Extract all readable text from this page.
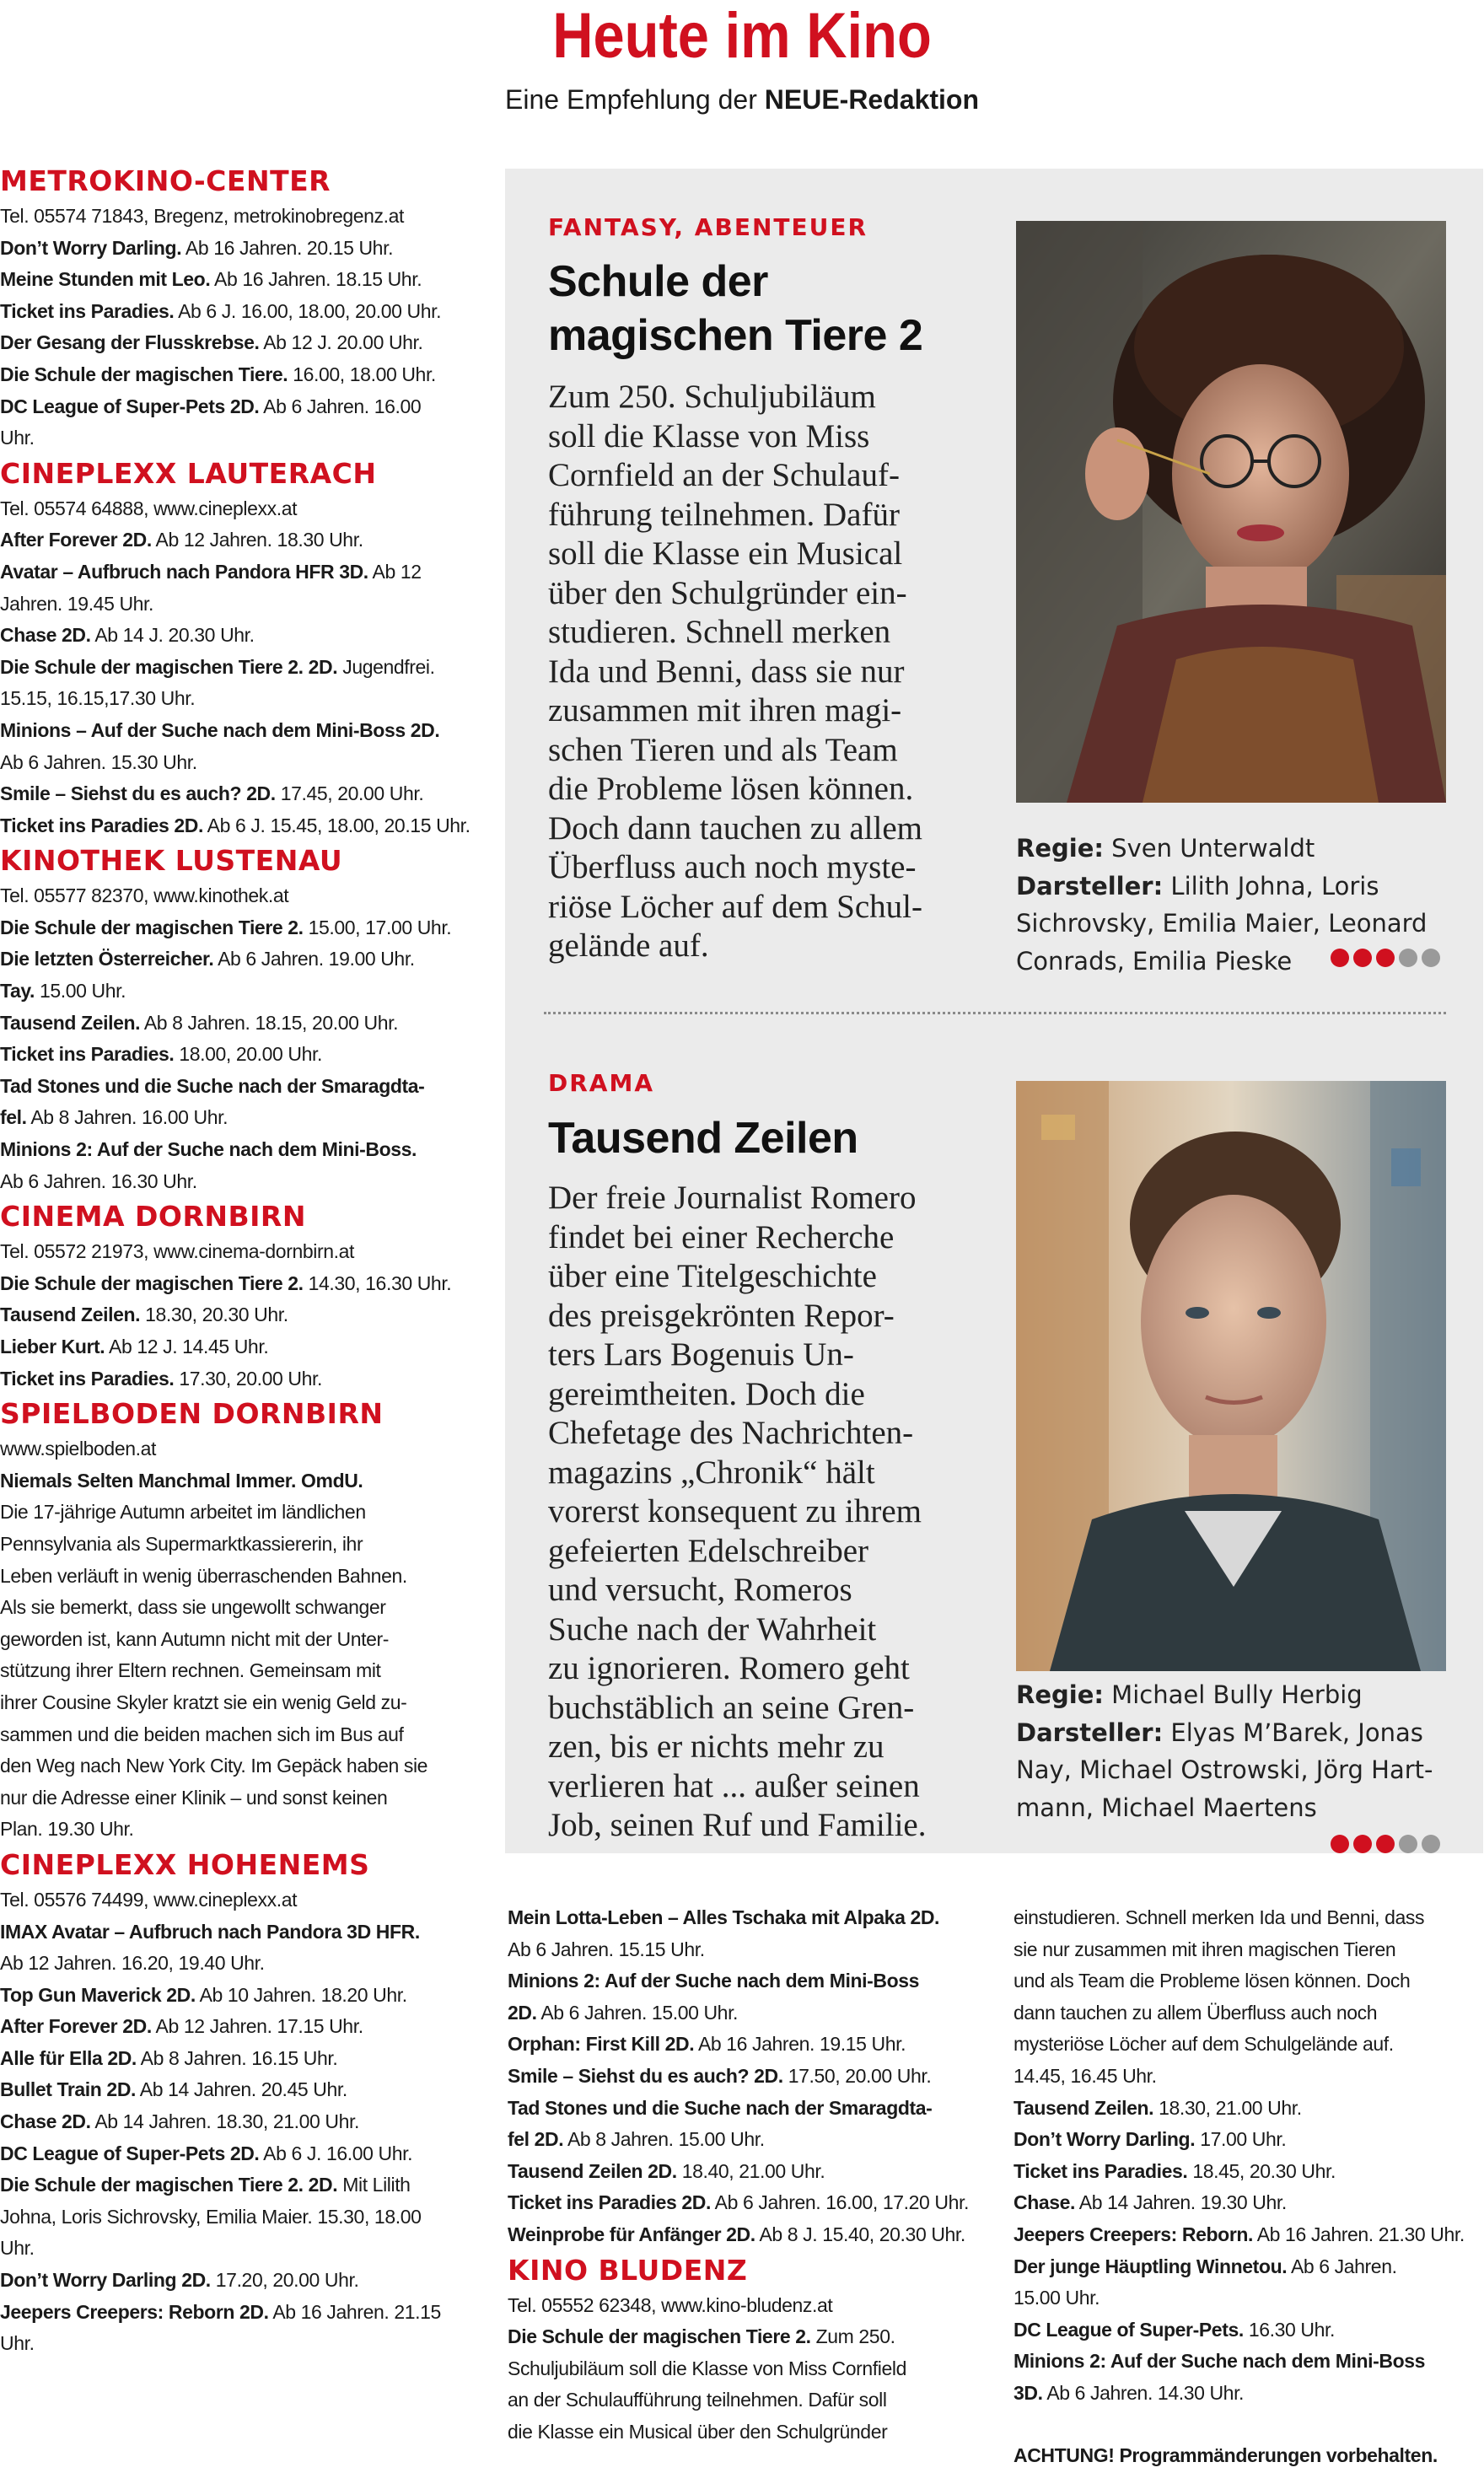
Heute im Kino
Eine Empfehlung der NEUE-Redaktion
METROKINO-CENTER
Tel. 05574 71843, Bregenz, metrokinobregenz.at
Don’t Worry Darling. Ab 16 Jahren. 20.15 Uhr.
Meine Stunden mit Leo. Ab 16 Jahren. 18.15 Uhr.
Ticket ins Paradies. Ab 6 J. 16.00, 18.00, 20.00 Uhr.
Der Gesang der Flusskrebse. Ab 12 J. 20.00 Uhr.
Die Schule der magischen Tiere. 16.00, 18.00 Uhr.
DC League of Super-Pets 2D. Ab 6 Jahren. 16.00
Uhr.
CINEPLEXX LAUTERACH
Tel. 05574 64888, www.cineplexx.at
After Forever 2D. Ab 12 Jahren. 18.30 Uhr.
Avatar – Aufbruch nach Pandora HFR 3D. Ab 12
Jahren. 19.45 Uhr.
Chase 2D. Ab 14 J. 20.30 Uhr.
Die Schule der magischen Tiere 2. 2D. Jugendfrei.
15.15, 16.15,17.30 Uhr.
Minions – Auf der Suche nach dem Mini-Boss 2D.
Ab 6 Jahren. 15.30 Uhr.
Smile – Siehst du es auch? 2D. 17.45, 20.00 Uhr.
Ticket ins Paradies 2D. Ab 6 J. 15.45, 18.00, 20.15 Uhr.
KINOTHEK LUSTENAU
Tel. 05577 82370, www.kinothek.at
Die Schule der magischen Tiere 2. 15.00, 17.00 Uhr.
Die letzten Österreicher. Ab 6 Jahren. 19.00 Uhr.
Tay. 15.00 Uhr.
Tausend Zeilen. Ab 8 Jahren. 18.15, 20.00 Uhr.
Ticket ins Paradies. 18.00, 20.00 Uhr.
Tad Stones und die Suche nach der Smaragdta-
fel. Ab 8 Jahren. 16.00 Uhr.
Minions 2: Auf der Suche nach dem Mini-Boss.
Ab 6 Jahren. 16.30 Uhr.
CINEMA DORNBIRN
Tel. 05572 21973, www.cinema-dornbirn.at
Die Schule der magischen Tiere 2. 14.30, 16.30 Uhr.
Tausend Zeilen. 18.30, 20.30 Uhr.
Lieber Kurt. Ab 12 J. 14.45 Uhr.
Ticket ins Paradies. 17.30, 20.00 Uhr.
SPIELBODEN DORNBIRN
www.spielboden.at
Niemals Selten Manchmal Immer. OmdU.
Die 17-jährige Autumn arbeitet im ländlichen
Pennsylvania als Supermarktkassiererin, ihr
Leben verläuft in wenig überraschenden Bahnen.
Als sie bemerkt, dass sie ungewollt schwanger
geworden ist, kann Autumn nicht mit der Unter-
stützung ihrer Eltern rechnen. Gemeinsam mit
ihrer Cousine Skyler kratzt sie ein wenig Geld zu-
sammen und die beiden machen sich im Bus auf
den Weg nach New York City. Im Gepäck haben sie
nur die Adresse einer Klinik – und sonst keinen
Plan. 19.30 Uhr.
CINEPLEXX HOHENEMS
Tel. 05576 74499, www.cineplexx.at
IMAX Avatar – Aufbruch nach Pandora 3D HFR.
Ab 12 Jahren. 16.20, 19.40 Uhr.
Top Gun Maverick 2D. Ab 10 Jahren. 18.20 Uhr.
After Forever 2D. Ab 12 Jahren. 17.15 Uhr.
Alle für Ella 2D. Ab 8 Jahren. 16.15 Uhr.
Bullet Train 2D. Ab 14 Jahren. 20.45 Uhr.
Chase 2D. Ab 14 Jahren. 18.30, 21.00 Uhr.
DC League of Super-Pets 2D. Ab 6 J. 16.00 Uhr.
Die Schule der magischen Tiere 2. 2D. Mit Lilith
Johna, Loris Sichrovsky, Emilia Maier. 15.30, 18.00
Uhr.
Don’t Worry Darling 2D. 17.20, 20.00 Uhr.
Jeepers Creepers: Reborn 2D. Ab 16 Jahren. 21.15
Uhr.
FANTASY, ABENTEUER
Schule der
magischen Tiere 2
Zum 250. Schuljubiläum
soll die Klasse von Miss
Cornfield an der Schulauf-
führung teilnehmen. Dafür
soll die Klasse ein Musical
über den Schulgründer ein-
studieren. Schnell merken
Ida und Benni, dass sie nur
zusammen mit ihren magi-
schen Tieren und als Team
die Probleme lösen können.
Doch dann tauchen zu allem
Überfluss auch noch myste-
riöse Löcher auf dem Schul-
gelände auf.
Regie: Sven Unterwaldt
Darsteller: Lilith Johna, Loris
Sichrovsky, Emilia Maier, Leonard
Conrads, Emilia Pieske
DRAMA
Tausend Zeilen
Der freie Journalist Romero
findet bei einer Recherche
über eine Titelgeschichte
des preisgekrönten Repor-
ters Lars Bogenuis Un-
gereimtheiten. Doch die
Chefetage des Nachrichten-
magazins „Chronik“ hält
vorerst konsequent zu ihrem
gefeierten Edelschreiber
und versucht, Romeros
Suche nach der Wahrheit
zu ignorieren. Romero geht
buchstäblich an seine Gren-
zen, bis er nichts mehr zu
verlieren hat ... außer seinen
Job, seinen Ruf und Familie.
Regie: Michael Bully Herbig
Darsteller: Elyas M’Barek, Jonas
Nay, Michael Ostrowski, Jörg Hart-
mann, Michael Maertens
Mein Lotta-Leben – Alles Tschaka mit Alpaka 2D.
Ab 6 Jahren. 15.15 Uhr.
Minions 2: Auf der Suche nach dem Mini-Boss
2D. Ab 6 Jahren. 15.00 Uhr.
Orphan: First Kill 2D. Ab 16 Jahren. 19.15 Uhr.
Smile – Siehst du es auch? 2D. 17.50, 20.00 Uhr.
Tad Stones und die Suche nach der Smaragdta-
fel 2D. Ab 8 Jahren. 15.00 Uhr.
Tausend Zeilen 2D. 18.40, 21.00 Uhr.
Ticket ins Paradies 2D. Ab 6 Jahren. 16.00, 17.20 Uhr.
Weinprobe für Anfänger 2D. Ab 8 J. 15.40, 20.30 Uhr.
KINO BLUDENZ
Tel. 05552 62348, www.kino-bludenz.at
Die Schule der magischen Tiere 2. Zum 250.
Schuljubiläum soll die Klasse von Miss Cornfield
an der Schulaufführung teilnehmen. Dafür soll
die Klasse ein Musical über den Schulgründer
einstudieren. Schnell merken Ida und Benni, dass
sie nur zusammen mit ihren magischen Tieren
und als Team die Probleme lösen können. Doch
dann tauchen zu allem Überfluss auch noch
mysteriöse Löcher auf dem Schulgelände auf.
14.45, 16.45 Uhr.
Tausend Zeilen. 18.30, 21.00 Uhr.
Don’t Worry Darling. 17.00 Uhr.
Ticket ins Paradies. 18.45, 20.30 Uhr.
Chase. Ab 14 Jahren. 19.30 Uhr.
Jeepers Creepers: Reborn. Ab 16 Jahren. 21.30 Uhr.
Der junge Häuptling Winnetou. Ab 6 Jahren.
15.00 Uhr.
DC League of Super-Pets. 16.30 Uhr.
Minions 2: Auf der Suche nach dem Mini-Boss
3D. Ab 6 Jahren. 14.30 Uhr.
ACHTUNG! Programmänderungen vorbehalten.
